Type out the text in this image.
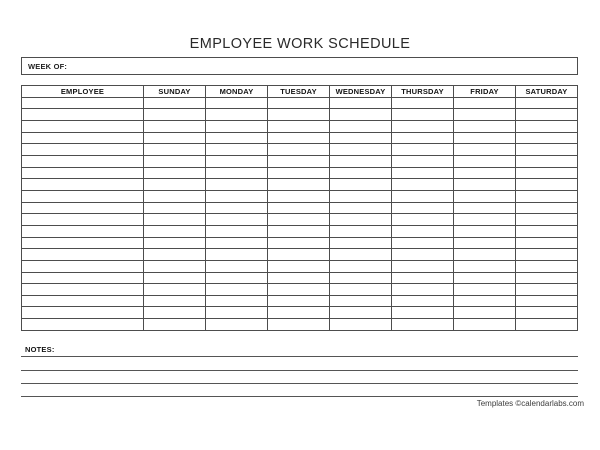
EMPLOYEE WORK SCHEDULE
WEEK OF:
EMPLOYEE	SUNDAY	MONDAY	TUESDAY	WEDNESDAY	THURSDAY	FRIDAY	SATURDAY

NOTES:
Templates ©calendarlabs.com
